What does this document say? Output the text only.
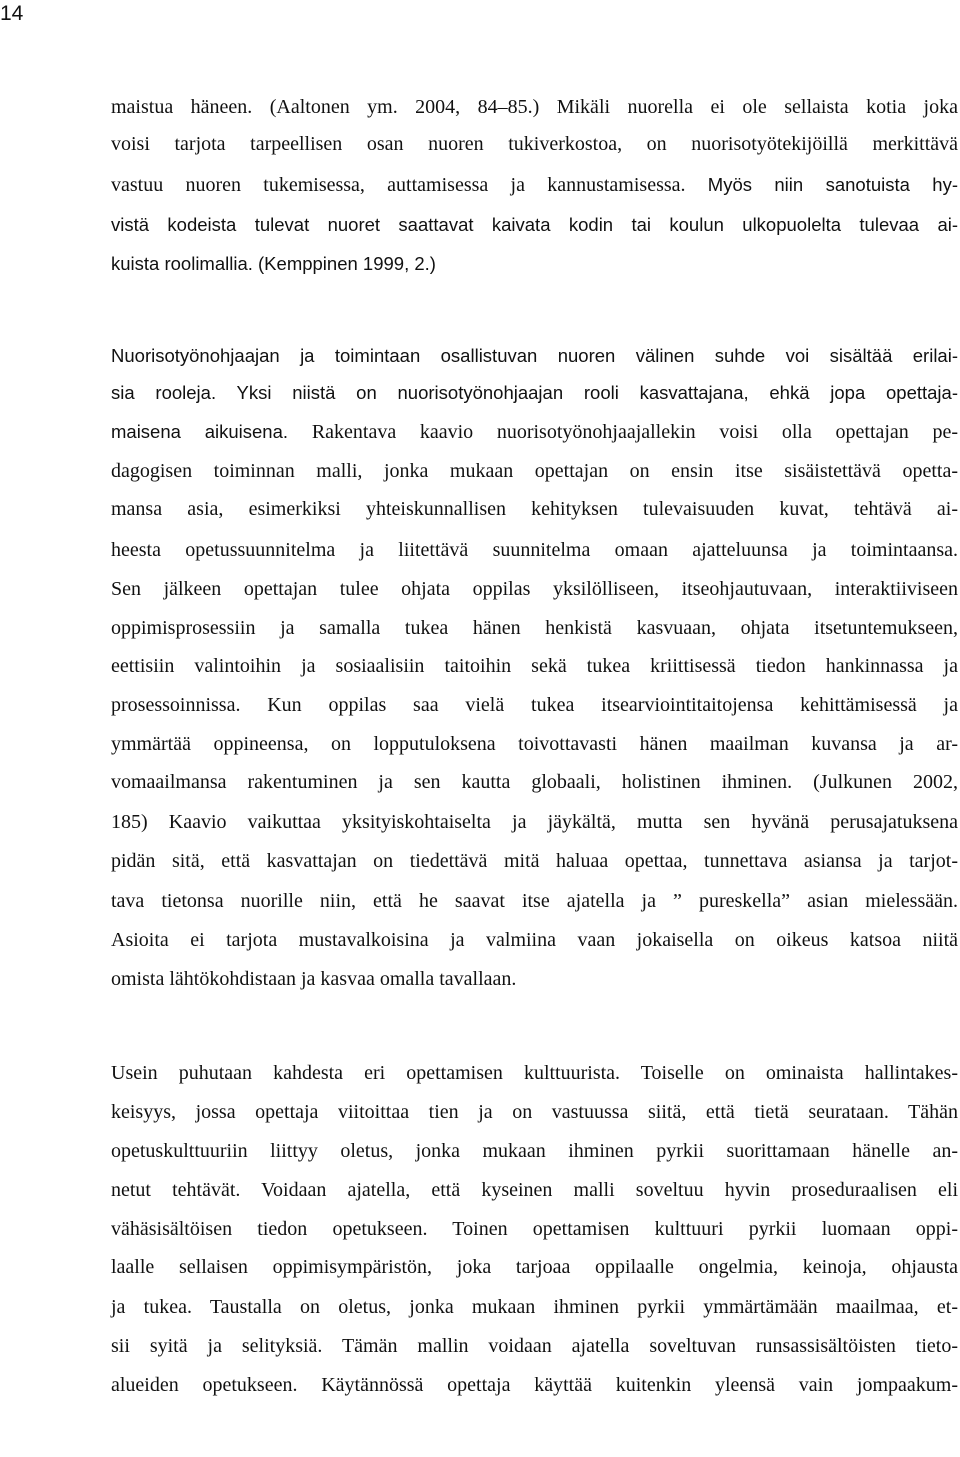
14
maistua häneen. (Aaltonen ym. 2004, 84–85.) Mikäli nuorella ei ole sellaista kotia joka
voisi tarjota tarpeellisen osan nuoren tukiverkostoa, on nuorisotyötekijöillä merkittävä
vastuu nuoren tukemisessa, auttamisessa ja kannustamisessa. Myös niin sanotuista hy-
vistä kodeista tulevat nuoret saattavat kaivata kodin tai koulun ulkopuolelta tulevaa ai-
kuista roolimallia. (Kemppinen 1999, 2.)
Nuorisotyönohjaajan ja toimintaan osallistuvan nuoren välinen suhde voi sisältää erilai-
sia rooleja. Yksi niistä on nuorisotyönohjaajan rooli kasvattajana, ehkä jopa opettaja-
maisena aikuisena. Rakentava kaavio nuorisotyönohjaajallekin voisi olla opettajan pe-
dagogisen toiminnan malli, jonka mukaan opettajan on ensin itse sisäistettävä opetta-
mansa asia, esimerkiksi yhteiskunnallisen kehityksen tulevaisuuden kuvat, tehtävä ai-
heesta opetussuunnitelma ja liitettävä suunnitelma omaan ajatteluunsa ja toimintaansa.
Sen jälkeen opettajan tulee ohjata oppilas yksilölliseen, itseohjautuvaan, interaktiiviseen
oppimisprosessiin ja samalla tukea hänen henkistä kasvuaan, ohjata itsetuntemukseen,
eettisiin valintoihin ja sosiaalisiin taitoihin sekä tukea kriittisessä tiedon hankinnassa ja
prosessoinnissa. Kun oppilas saa vielä tukea itsearviointitaitojensa kehittämisessä ja
ymmärtää oppineensa, on lopputuloksena toivottavasti hänen maailman kuvansa ja ar-
vomaailmansa rakentuminen ja sen kautta globaali, holistinen ihminen. (Julkunen 2002,
185) Kaavio vaikuttaa yksityiskohtaiselta ja jäykältä, mutta sen hyvänä perusajatuksena
pidän sitä, että kasvattajan on tiedettävä mitä haluaa opettaa, tunnettava asiansa ja tarjot-
tava tietonsa nuorille niin, että he saavat itse ajatella ja ” pureskella” asian mielessään.
Asioita ei tarjota mustavalkoisina ja valmiina vaan jokaisella on oikeus katsoa niitä
omista lähtökohdistaan ja kasvaa omalla tavallaan.
Usein puhutaan kahdesta eri opettamisen kulttuurista. Toiselle on ominaista hallintakes-
keisyys, jossa opettaja viitoittaa tien ja on vastuussa siitä, että tietä seurataan. Tähän
opetuskulttuuriin liittyy oletus, jonka mukaan ihminen pyrkii suorittamaan hänelle an-
netut tehtävät. Voidaan ajatella, että kyseinen malli soveltuu hyvin proseduraalisen eli
vähäsisältöisen tiedon opetukseen. Toinen opettamisen kulttuuri pyrkii luomaan oppi-
laalle sellaisen oppimisympäristön, joka tarjoaa oppilaalle ongelmia, keinoja, ohjausta
ja tukea. Taustalla on oletus, jonka mukaan ihminen pyrkii ymmärtämään maailmaa, et-
sii syitä ja selityksiä. Tämän mallin voidaan ajatella soveltuvan runsassisältöisten tieto-
alueiden opetukseen. Käytännössä opettaja käyttää kuitenkin yleensä vain jompaakum-
